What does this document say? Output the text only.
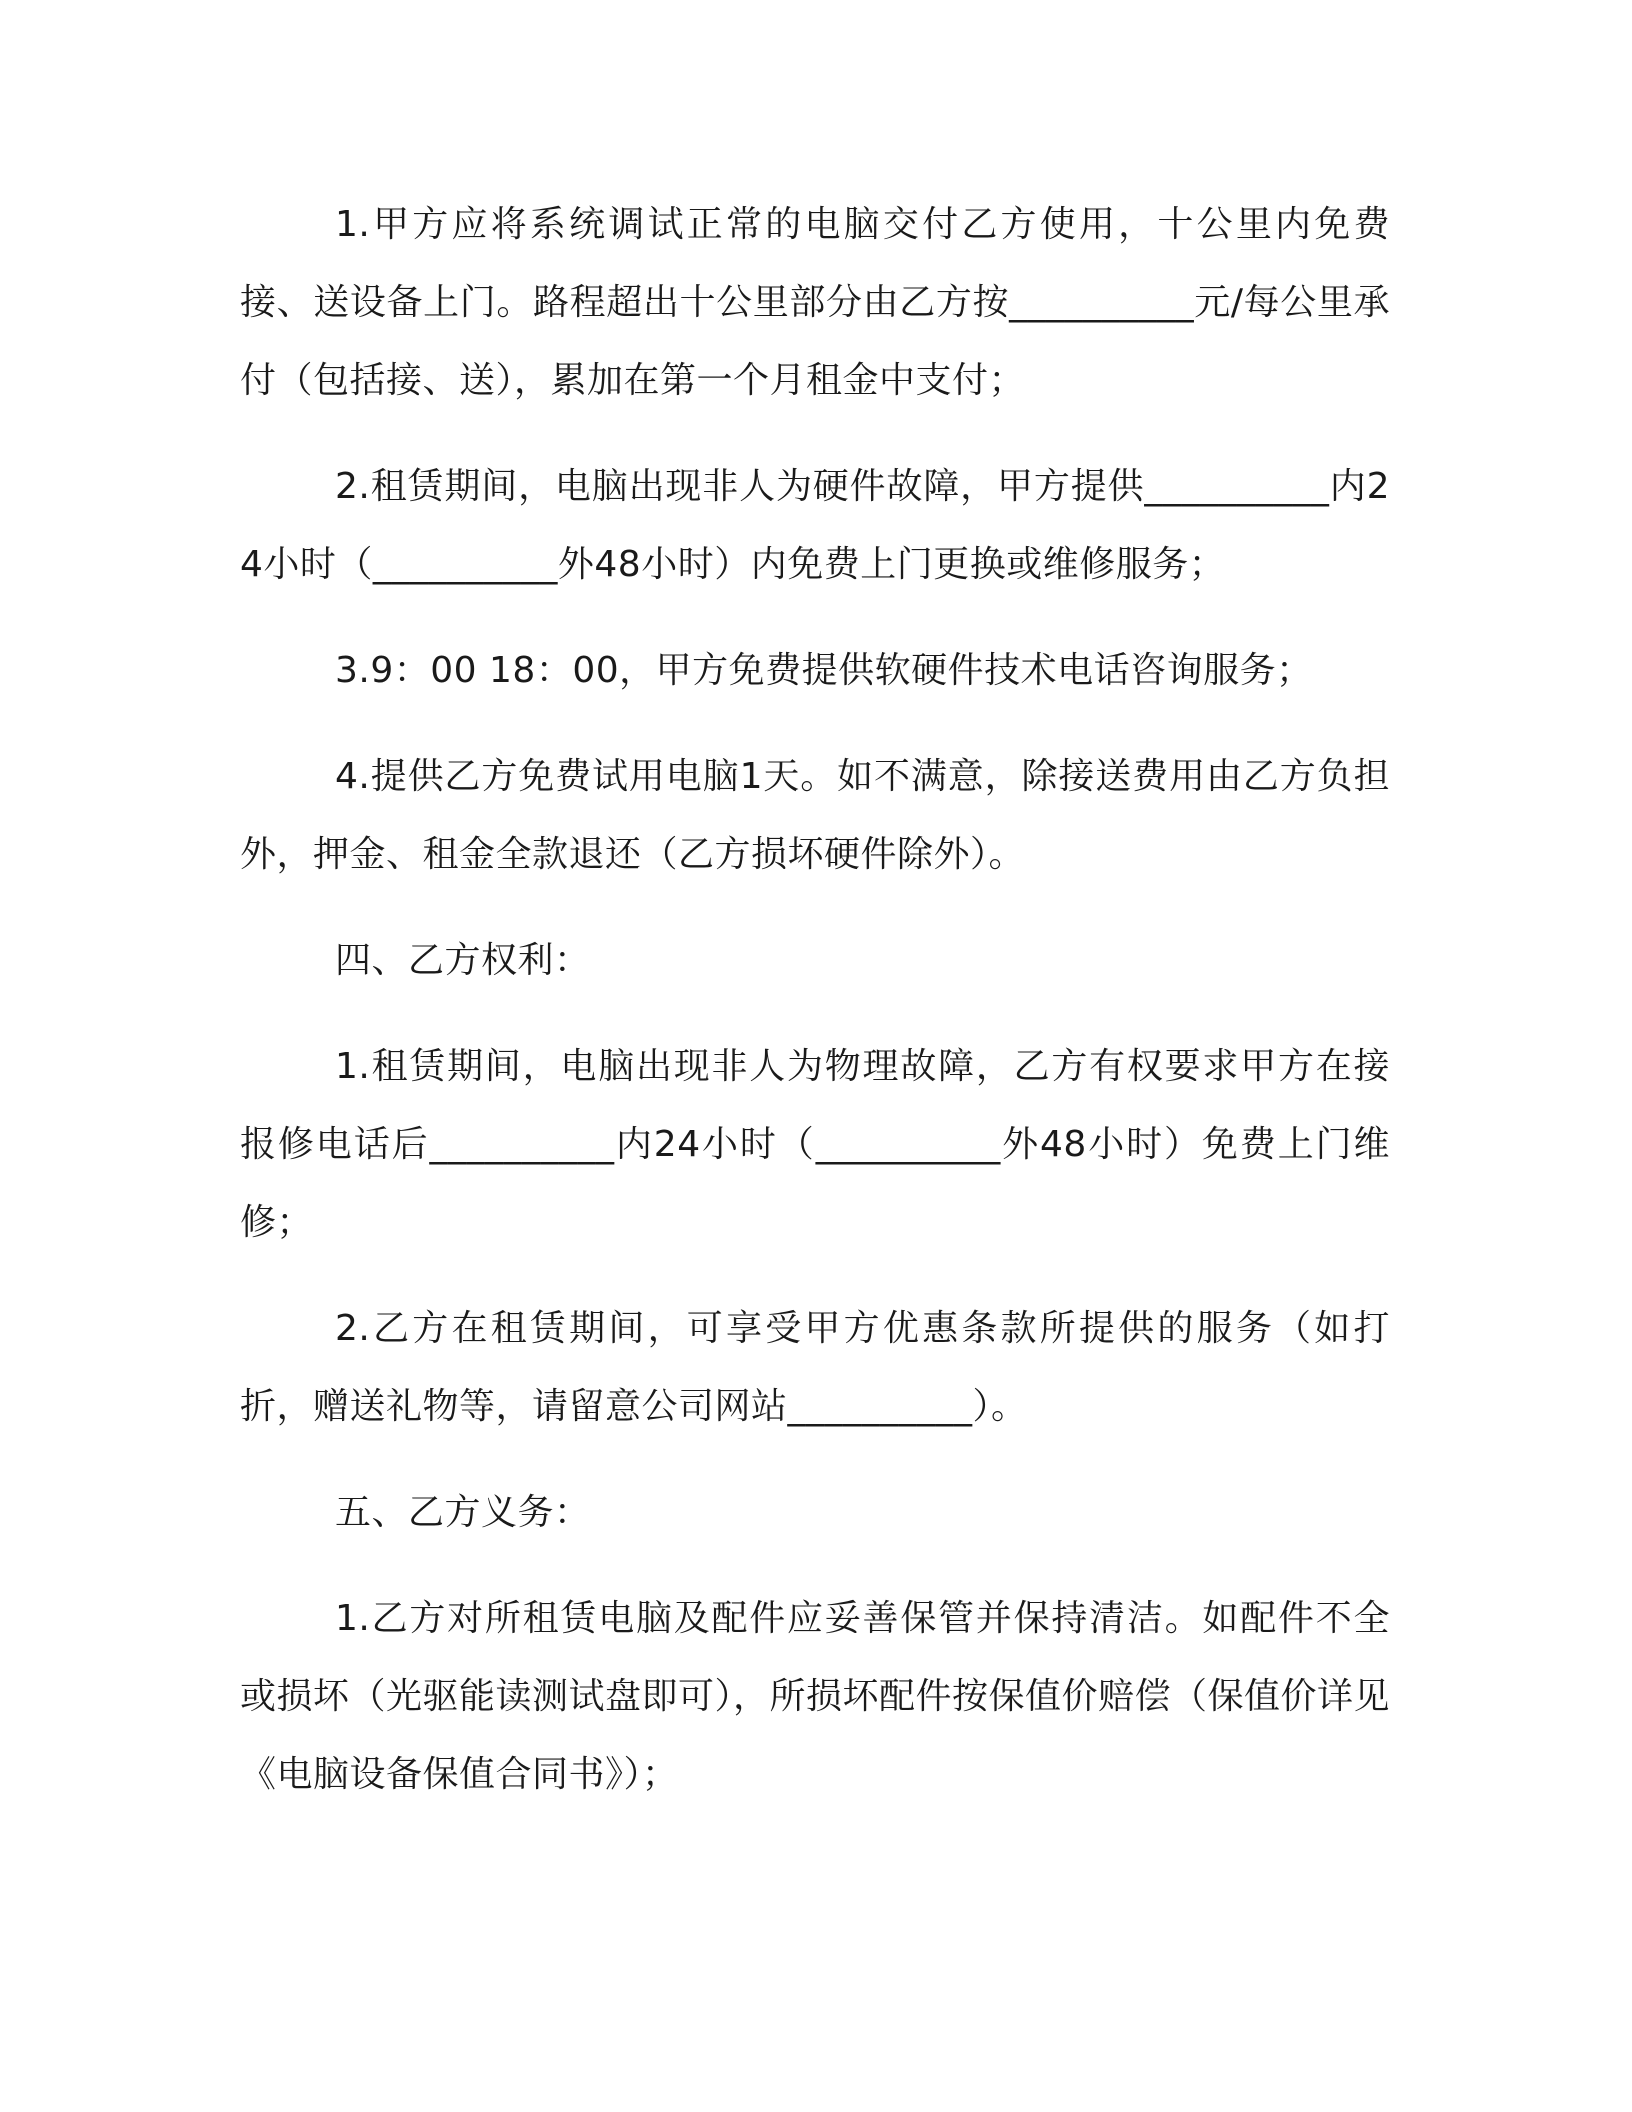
1.甲方应将系统调试正常的电脑交付乙方使用，十公里内免费接、送设备上门。路程超出十公里部分由乙方按__________元/每公里承付（包括接、送），累加在第一个月租金中支付；

2.租赁期间，电脑出现非人为硬件故障，甲方提供__________内24小时（__________外48小时）内免费上门更换或维修服务；

3.9：00 18：00，甲方免费提供软硬件技术电话咨询服务；

4.提供乙方免费试用电脑1天。如不满意，除接送费用由乙方负担外，押金、租金全款退还（乙方损坏硬件除外）。

四、乙方权利：

1.租赁期间，电脑出现非人为物理故障，乙方有权要求甲方在接报修电话后__________内24小时（__________外48小时）免费上门维修；

2.乙方在租赁期间，可享受甲方优惠条款所提供的服务（如打折，赠送礼物等，请留意公司网站__________）。

五、乙方义务：

1.乙方对所租赁电脑及配件应妥善保管并保持清洁。如配件不全或损坏（光驱能读测试盘即可），所损坏配件按保值价赔偿（保值价详见《电脑设备保值合同书》）；
